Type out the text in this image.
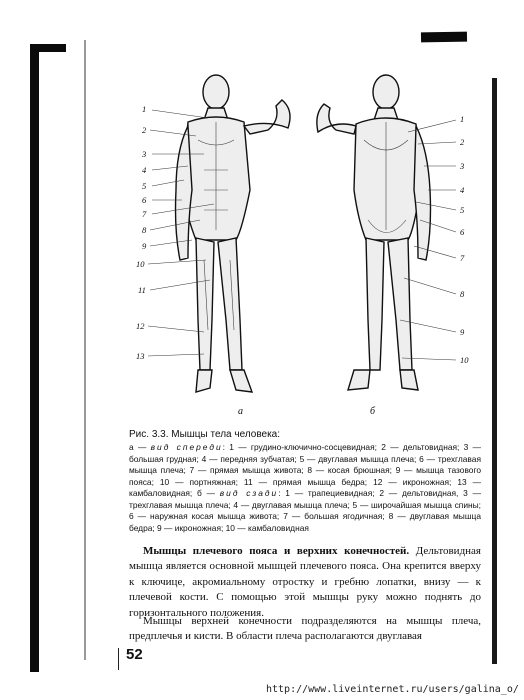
1
2
3
4
5
6
7
8
9
10
11
12
13
1
2
3
4
5
6
7
8
9
10
а	б
Рис. 3.3. Мышцы тела человека:
а — вид спереди: 1 — грудино-ключично-сосцевидная; 2 — дельтовидная; 3 — большая грудная; 4 — передняя зубчатая; 5 — двуглавая мышца плеча; 6 — трехглавая мышца плеча; 7 — прямая мышца живота; 8 — косая брюшная; 9 — мышца тазового пояса; 10 — портняжная; 11 — прямая мышца бедра; 12 — икроножная; 13 — камбаловидная; б — вид сзади: 1 — трапециевидная; 2 — дельтовидная, 3 — трехглавая мышца плеча; 4 — двуглавая мышца плеча; 5 — широчайшая мышца спины; 6 — наружная косая мышца живота; 7 — большая ягодичная; 8 — двуглавая мышца бедра; 9 — икроножная; 10 — камбаловидная
Мышцы плечевого пояса и верхних конечностей. Дельтовидная мышца является основной мышцей плечевого пояса. Она крепится вверху к ключице, акромиальному отростку и гребню лопатки, внизу — к плечевой кости. С помощью этой мышцы руку можно поднять до горизонтального положения.
Мышцы верхней конечности подразделяются на мышцы плеча, предплечья и кисти. В области плеча располагаются двуглавая
52
http://www.liveinternet.ru/users/galina_o/
